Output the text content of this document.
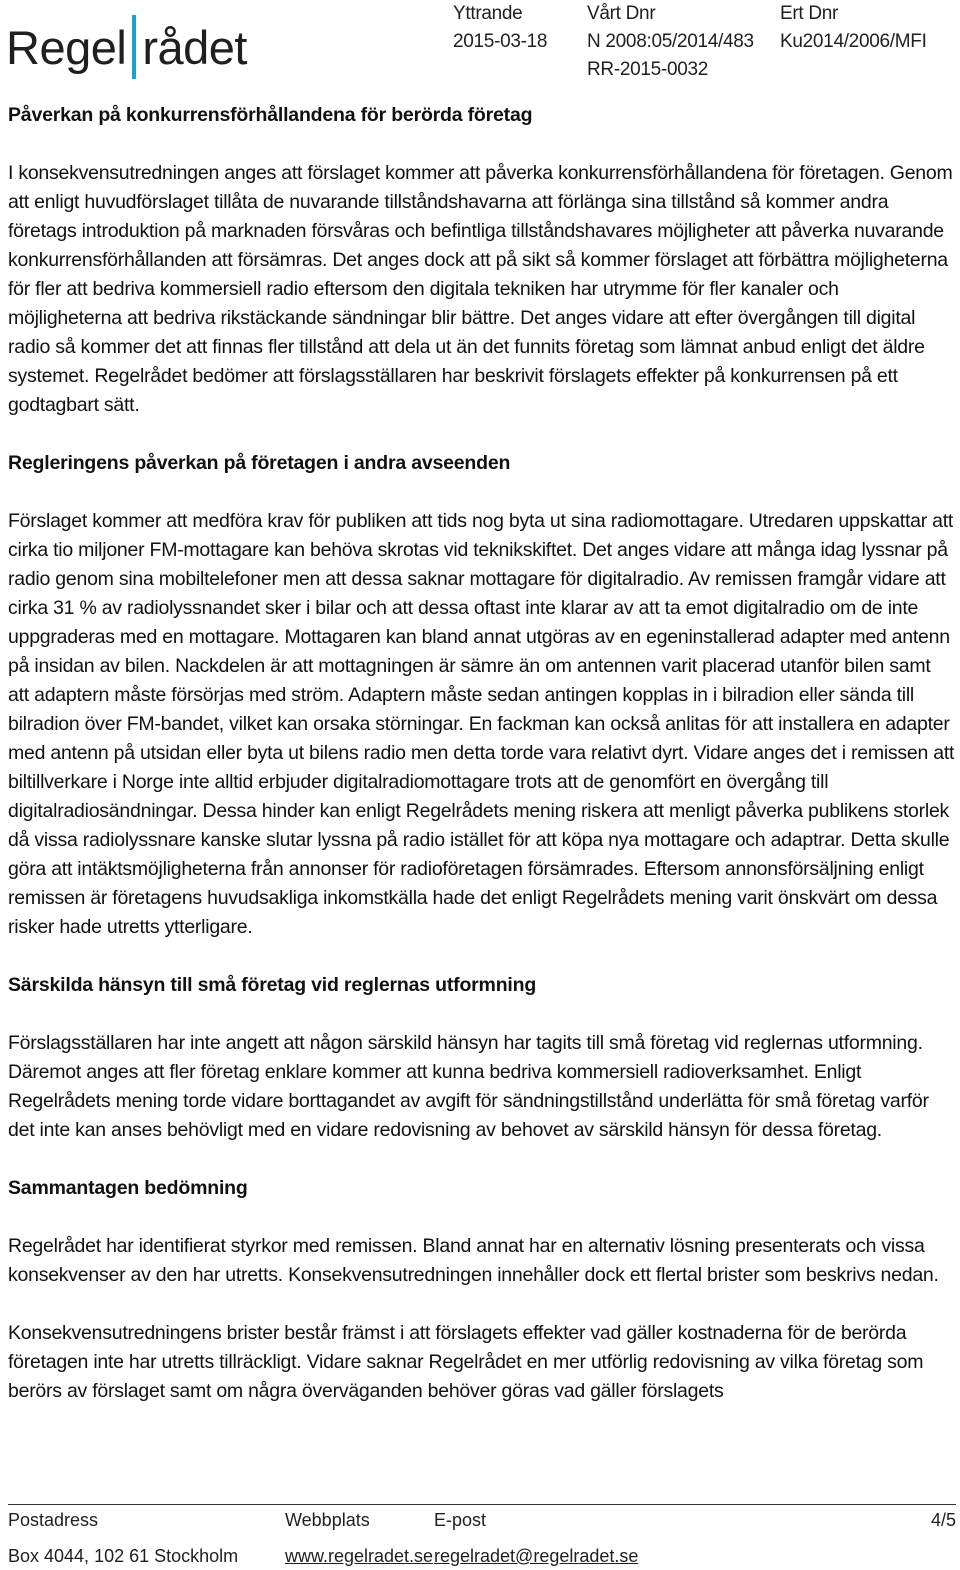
Regel rådet
Yttrande
2015-03-18
Vårt Dnr
N 2008:05/2014/483
RR-2015-0032
Ert Dnr
Ku2014/2006/MFI
Påverkan på konkurrensförhållandena för berörda företag

I konsekvensutredningen anges att förslaget kommer att påverka konkurrensförhållandena för företagen. Genom att enligt huvudförslaget tillåta de nuvarande tillståndshavarna att förlänga sina tillstånd så kommer andra företags introduktion på marknaden försvåras och befintliga tillståndshavares möjligheter att påverka nuvarande konkurrensförhållanden att försämras. Det anges dock att på sikt så kommer förslaget att förbättra möjligheterna för fler att bedriva kommersiell radio eftersom den digitala tekniken har utrymme för fler kanaler och möjligheterna att bedriva rikstäckande sändningar blir bättre. Det anges vidare att efter övergången till digital radio så kommer det att finnas fler tillstånd att dela ut än det funnits företag som lämnat anbud enligt det äldre systemet. Regelrådet bedömer att förslagsställaren har beskrivit förslagets effekter på konkurrensen på ett godtagbart sätt.

Regleringens påverkan på företagen i andra avseenden

Förslaget kommer att medföra krav för publiken att tids nog byta ut sina radiomottagare. Utredaren uppskattar att cirka tio miljoner FM-mottagare kan behöva skrotas vid teknikskiftet. Det anges vidare att många idag lyssnar på radio genom sina mobiltelefoner men att dessa saknar mottagare för digitalradio. Av remissen framgår vidare att cirka 31 % av radiolyssnandet sker i bilar och att dessa oftast inte klarar av att ta emot digitalradio om de inte uppgraderas med en mottagare. Mottagaren kan bland annat utgöras av en egeninstallerad adapter med antenn på insidan av bilen. Nackdelen är att mottagningen är sämre än om antennen varit placerad utanför bilen samt att adaptern måste försörjas med ström. Adaptern måste sedan antingen kopplas in i bilradion eller sända till bilradion över FM-bandet, vilket kan orsaka störningar. En fackman kan också anlitas för att installera en adapter med antenn på utsidan eller byta ut bilens radio men detta torde vara relativt dyrt. Vidare anges det i remissen att biltillverkare i Norge inte alltid erbjuder digitalradiomottagare trots att de genomfört en övergång till digitalradiosändningar. Dessa hinder kan enligt Regelrådets mening riskera att menligt påverka publikens storlek då vissa radiolyssnare kanske slutar lyssna på radio istället för att köpa nya mottagare och adaptrar. Detta skulle göra att intäktsmöjligheterna från annonser för radioföretagen försämrades. Eftersom annonsförsäljning enligt remissen är företagens huvudsakliga inkomstkälla hade det enligt Regelrådets mening varit önskvärt om dessa risker hade utretts ytterligare.

Särskilda hänsyn till små företag vid reglernas utformning

Förslagsställaren har inte angett att någon särskild hänsyn har tagits till små företag vid reglernas utformning. Däremot anges att fler företag enklare kommer att kunna bedriva kommersiell radioverksamhet. Enligt Regelrådets mening torde vidare borttagandet av avgift för sändningstillstånd underlätta för små företag varför det inte kan anses behövligt med en vidare redovisning av behovet av särskild hänsyn för dessa företag.

Sammantagen bedömning

Regelrådet har identifierat styrkor med remissen. Bland annat har en alternativ lösning presenterats och vissa konsekvenser av den har utretts. Konsekvensutredningen innehåller dock ett flertal brister som beskrivs nedan.

Konsekvensutredningens brister består främst i att förslagets effekter vad gäller kostnaderna för de berörda företagen inte har utretts tillräckligt. Vidare saknar Regelrådet en mer utförlig redovisning av vilka företag som berörs av förslaget samt om några överväganden behöver göras vad gäller förslagets

Postadress
Box 4044, 102 61 Stockholm
Webbplats
www.regelradet.se
E-post
regelradet@regelradet.se
4/5
